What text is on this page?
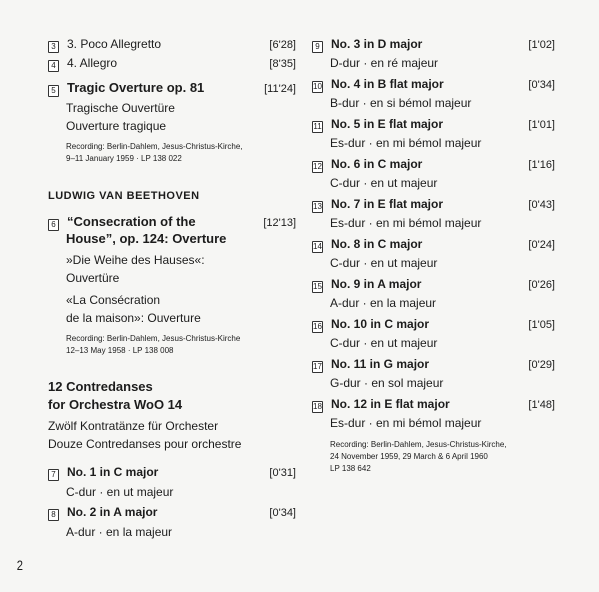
3 3. Poco Allegretto	[6'28]
4 4. Allegro	[8'35]
5 Tragic Overture op. 81	[11'24]
Tragische Ouvertüre
Ouverture tragique
Recording: Berlin-Dahlem, Jesus-Christus-Kirche,
9–11 January 1959 · LP 138 022
LUDWIG VAN BEETHOVEN
6 “Consecration of the	[12'13]
House”, op. 124: Overture
»Die Weihe des Hauses«:
Ouvertüre
«La Consécration
de la maison»: Ouverture
Recording: Berlin-Dahlem, Jesus-Christus-Kirche
12–13 May 1958 · LP 138 008
12 Contredanses
for Orchestra WoO 14
Zwölf Kontratänze für Orchester
Douze Contredanses pour orchestre
7 No. 1 in C major	[0'31]
C-dur · en ut majeur
8 No. 2 in A major	[0'34]
A-dur · en la majeur
9 No. 3 in D major	[1'02]
D-dur · en ré majeur
10 No. 4 in B flat major	[0'34]
B-dur · en si bémol majeur
11 No. 5 in E flat major	[1'01]
Es-dur · en mi bémol majeur
12 No. 6 in C major	[1'16]
C-dur · en ut majeur
13 No. 7 in E flat major	[0'43]
Es-dur · en mi bémol majeur
14 No. 8 in C major	[0'24]
C-dur · en ut majeur
15 No. 9 in A major	[0'26]
A-dur · en la majeur
16 No. 10 in C major	[1'05]
C-dur · en ut majeur
17 No. 11 in G major	[0'29]
G-dur · en sol majeur
18 No. 12 in E flat major	[1'48]
Es-dur · en mi bémol majeur
Recording: Berlin-Dahlem, Jesus-Christus-Kirche,
24 November 1959, 29 March & 6 April 1960
LP 138 642
2
